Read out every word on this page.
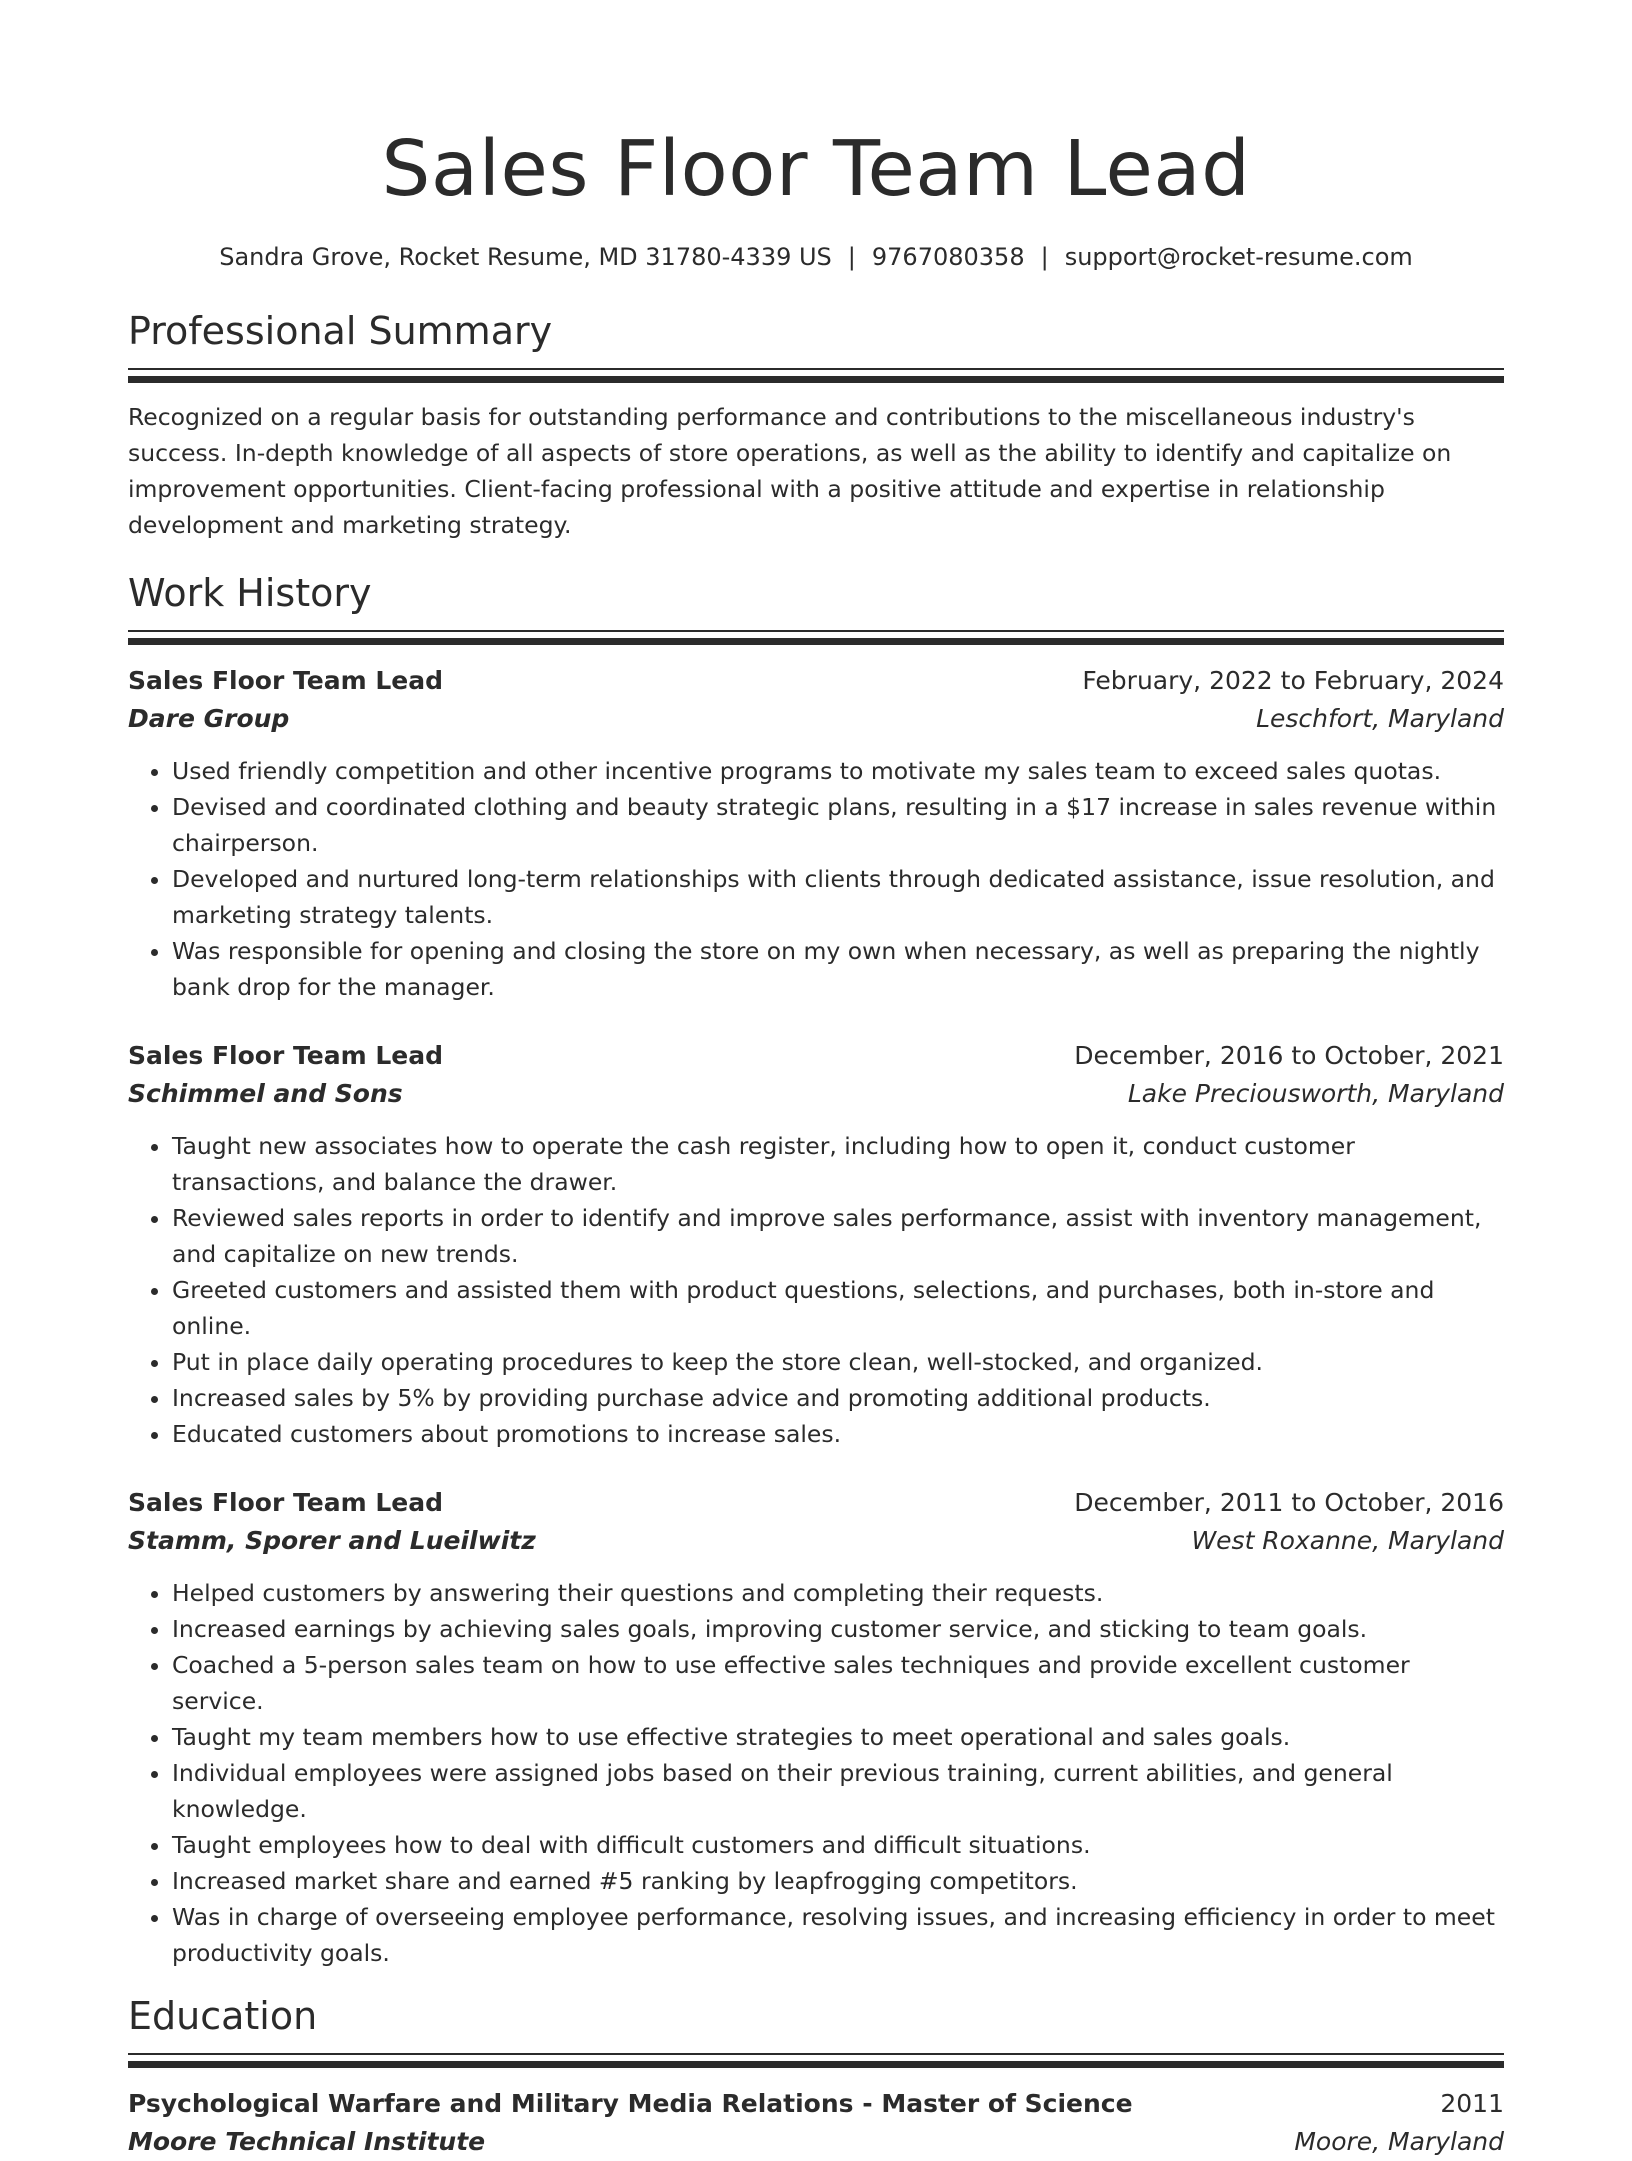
Sales Floor Team Lead
Sandra Grove, Rocket Resume, MD 31780-4339 US | 9767080358 | support@rocket-resume.com
Professional Summary
Recognized on a regular basis for outstanding performance and contributions to the miscellaneous industry's success. In-depth knowledge of all aspects of store operations, as well as the ability to identify and capitalize on improvement opportunities. Client-facing professional with a positive attitude and expertise in relationship development and marketing strategy.
Work History
Sales Floor Team Lead	February, 2022 to February, 2024
Dare Group	Leschfort, Maryland
• Used friendly competition and other incentive programs to motivate my sales team to exceed sales quotas.
• Devised and coordinated clothing and beauty strategic plans, resulting in a $17 increase in sales revenue within chairperson.
• Developed and nurtured long-term relationships with clients through dedicated assistance, issue resolution, and marketing strategy talents.
• Was responsible for opening and closing the store on my own when necessary, as well as preparing the nightly bank drop for the manager.
Sales Floor Team Lead	December, 2016 to October, 2021
Schimmel and Sons	Lake Preciousworth, Maryland
• Taught new associates how to operate the cash register, including how to open it, conduct customer transactions, and balance the drawer.
• Reviewed sales reports in order to identify and improve sales performance, assist with inventory management, and capitalize on new trends.
• Greeted customers and assisted them with product questions, selections, and purchases, both in-store and online.
• Put in place daily operating procedures to keep the store clean, well-stocked, and organized.
• Increased sales by 5% by providing purchase advice and promoting additional products.
• Educated customers about promotions to increase sales.
Sales Floor Team Lead	December, 2011 to October, 2016
Stamm, Sporer and Lueilwitz	West Roxanne, Maryland
• Helped customers by answering their questions and completing their requests.
• Increased earnings by achieving sales goals, improving customer service, and sticking to team goals.
• Coached a 5-person sales team on how to use effective sales techniques and provide excellent customer service.
• Taught my team members how to use effective strategies to meet operational and sales goals.
• Individual employees were assigned jobs based on their previous training, current abilities, and general knowledge.
• Taught employees how to deal with difficult customers and difficult situations.
• Increased market share and earned #5 ranking by leapfrogging competitors.
• Was in charge of overseeing employee performance, resolving issues, and increasing efficiency in order to meet productivity goals.
Education
Psychological Warfare and Military Media Relations - Master of Science	2011
Moore Technical Institute	Moore, Maryland
